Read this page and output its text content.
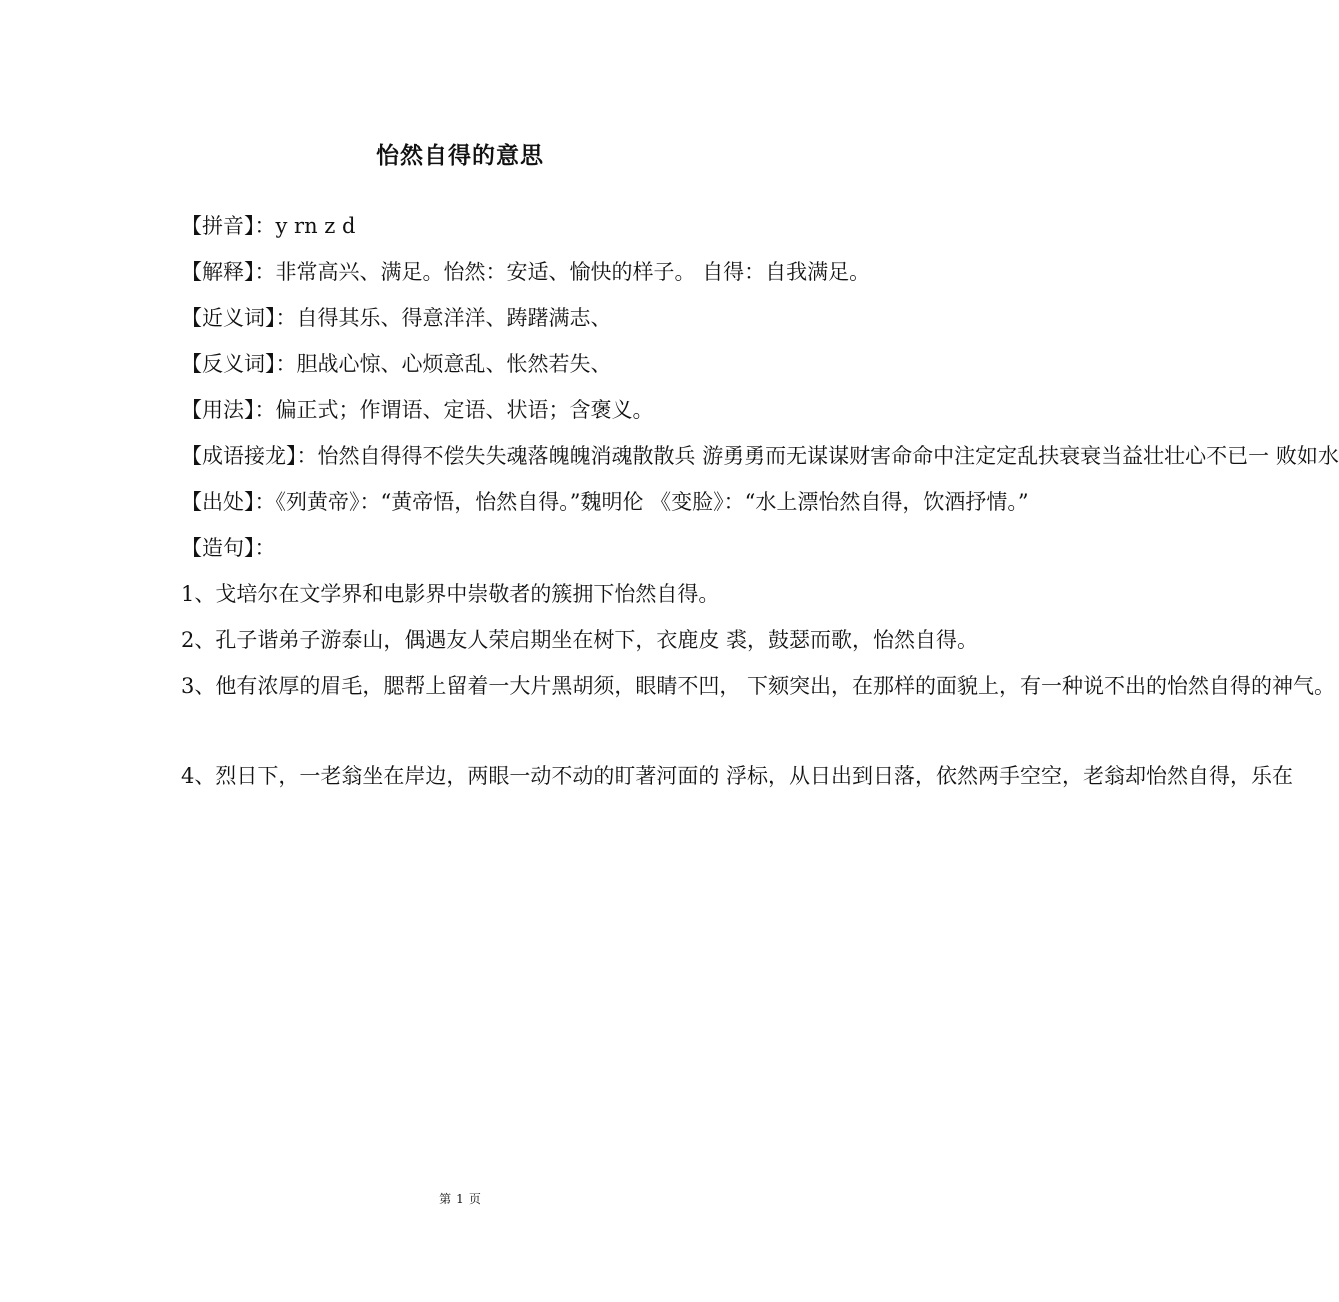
怡然自得的意思

【拼音】：y rn z d

【解释】：非常高兴、满足。怡然：安适、愉快的样子。 自得：自我满足。

【近义词】：自得其乐、得意洋洋、踌躇满志、

【反义词】：胆战心惊、心烦意乱、怅然若失、

【用法】：偏正式；作谓语、定语、状语；含褒义。

【成语接龙】：怡然自得得不偿失失魂落魄魄消魂散散兵 游勇勇而无谋谋财害命命中注定定乱扶衰衰当益壮壮心不已一 败如水

【出处】：《列黄帝》：“黄帝悟，怡然自得。”魏明伦 《变脸》：“水上漂怡然自得，饮酒抒情。”

【造句】：

1、戈培尔在文学界和电影界中崇敬者的簇拥下怡然自得。

2、孔子谐弟子游泰山，偶遇友人荣启期坐在树下，衣鹿皮 裘，鼓瑟而歌，怡然自得。

3、他有浓厚的眉毛，腮帮上留着一大片黑胡须，眼睛不凹， 下颏突出，在那样的面貌上，有一种说不出的怡然自得的神气。

4、烈日下，一老翁坐在岸边，两眼一动不动的盯著河面的 浮标，从日出到日落，依然两手空空，老翁却怡然自得，乐在

第 1 页
